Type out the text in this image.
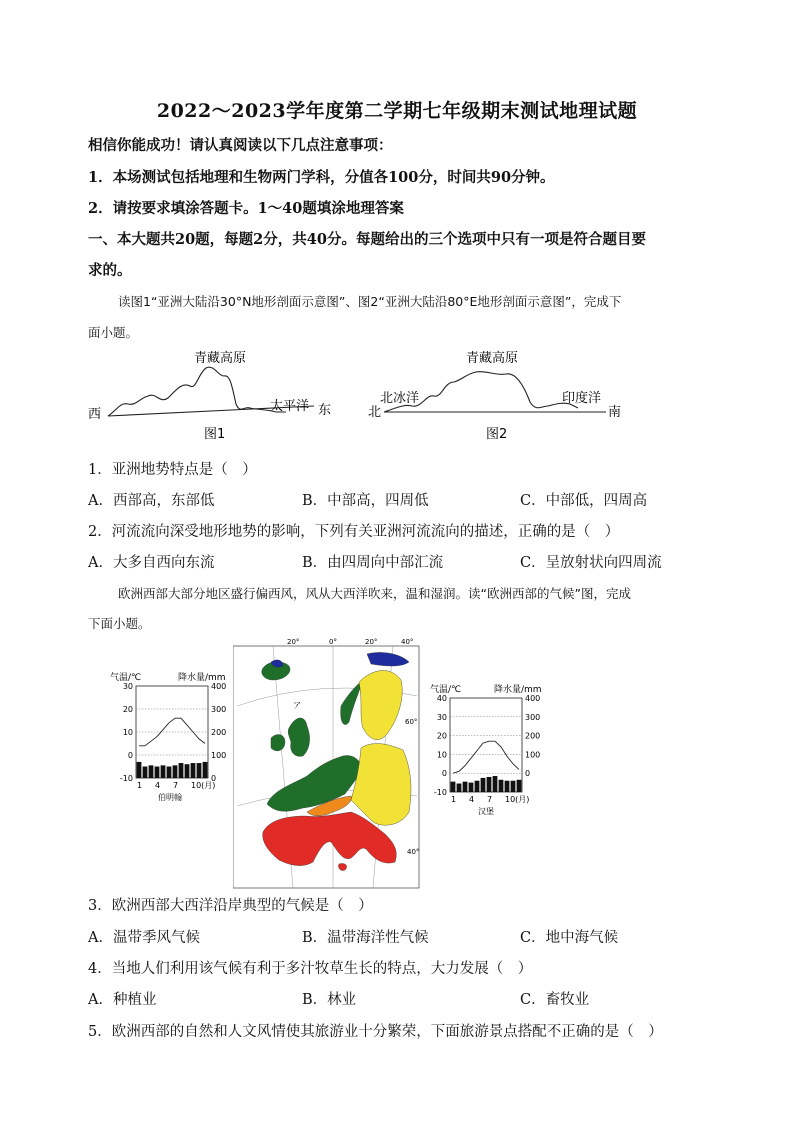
2022～2023学年度第二学期七年级期末测试地理试题
相信你能成功！请认真阅读以下几点注意事项：
1．本场测试包括地理和生物两门学科，分值各100分，时间共90分钟。
2．请按要求填涂答题卡。1～40题填涂地理答案
一、本大题共20题，每题2分，共40分。每题给出的三个选项中只有一项是符合题目要
求的。
读图1“亚洲大陆沿30°N地形剖面示意图”、图2“亚洲大陆沿80°E地形剖面示意图”，完成下
面小题。
青藏高原
西
太平洋 东
图1
青藏高原
北冰洋
北
印度洋
南
图2
1．亚洲地势特点是（　）
A．西部高，东部低	B．中部高，四周低	C．中部低，四周高
2．河流流向深受地形地势的影响，下列有关亚洲河流流向的描述，正确的是（　）
A．大多自西向东流	B．由四周向中部汇流	C．呈放射状向四周流
欧洲西部大部分地区盛行偏西风，风从大西洋吹来，温和湿润。读“欧洲西部的气候”图，完成
下面小题。
气温/℃	降水量/mm
30
20
10
0
-10
400
300
200
100
0
1 4 7 10(月)
伯明翰
20°	0°	20°	40°
60°
40°
ア
气温/℃	降水量/mm
40
30
20
10
0
-10
400
300
200
100
0
1 4 7 10(月)
汉堡
3．欧洲西部大西洋沿岸典型的气候是（　）
A．温带季风气候	B．温带海洋性气候	C．地中海气候
4．当地人们利用该气候有利于多汁牧草生长的特点，大力发展（　）
A．种植业	B．林业	C．畜牧业
5．欧洲西部的自然和人文风情使其旅游业十分繁荣，下面旅游景点搭配不正确的是（　）
